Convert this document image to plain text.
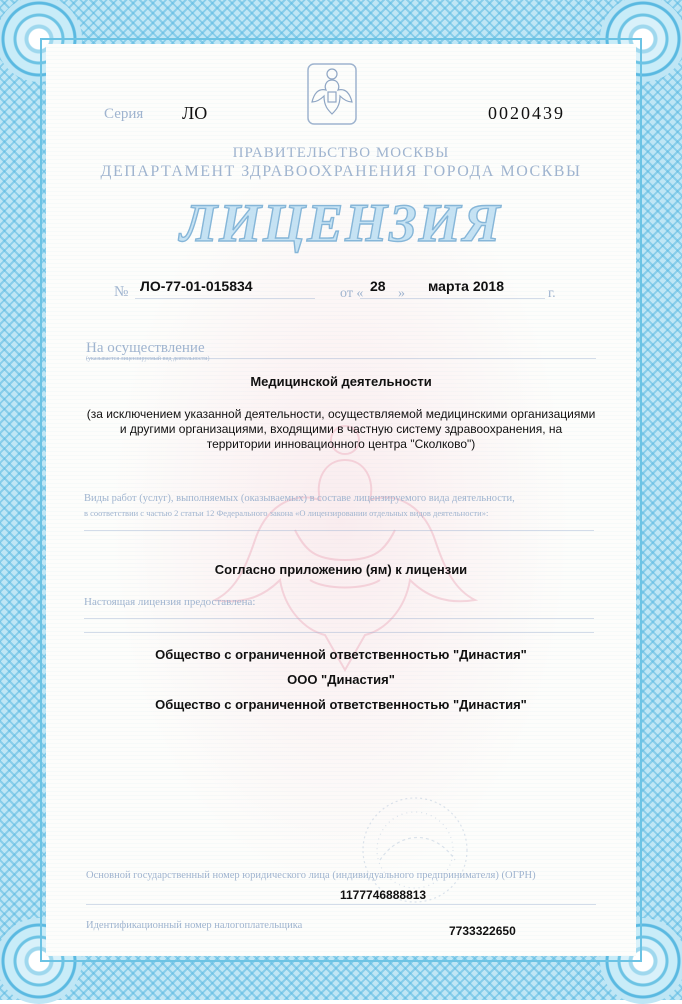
Серия ЛО	0020439
ПРАВИТЕЛЬСТВО МОСКВЫ
ДЕПАРТАМЕНТ ЗДРАВООХРАНЕНИЯ ГОРОДА МОСКВЫ
ЛИЦЕНЗИЯ
№ ЛО-77-01-015834	от « 28 » марта 2018	г.
На осуществление
(указывается лицензируемый вид деятельности)
Медицинской деятельности
(за исключением указанной деятельности, осуществляемой медицинскими организациями
и другими организациями, входящими в частную систему здравоохранения, на
территории инновационного центра "Сколково")
Виды работ (услуг), выполняемых (оказываемых) в составе лицензируемого вида деятельности,
в соответствии с частью 2 статьи 12 Федерального закона «О лицензировании отдельных видов деятельности»:
Согласно приложению (ям) к лицензии
Настоящая лицензия предоставлена:
Общество с ограниченной ответственностью "Династия"
ООО "Династия"
Общество с ограниченной ответственностью "Династия"
Основной государственный номер юридического лица (индивидуального предпринимателя) (ОГРН)
1177746888813
Идентификационный номер налогоплательщика	7733322650
